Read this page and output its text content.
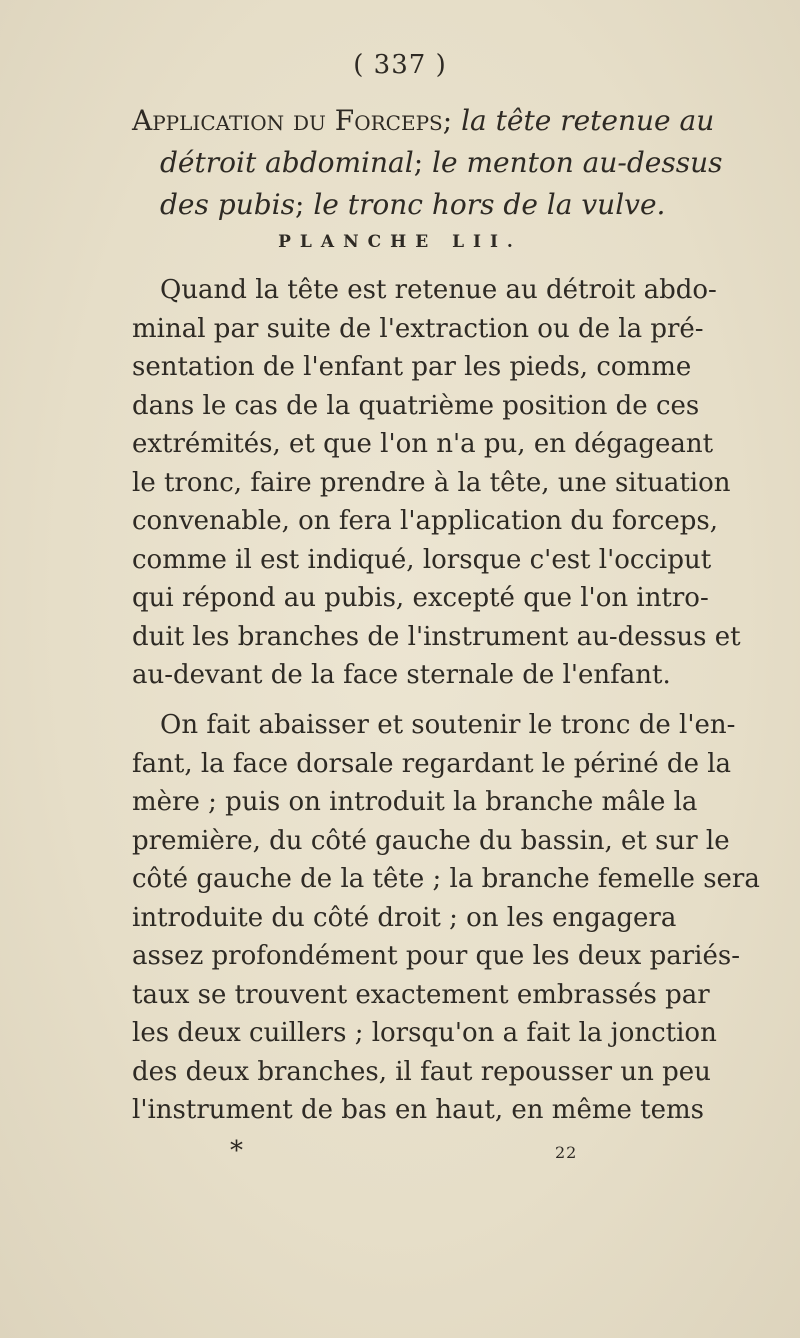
( 337 )
Application du Forceps; la tête retenue au
détroit abdominal; le menton au-dessus
des pubis; le tronc hors de la vulve.
PLANCHE LII.
Quand la tête est retenue au détroit abdo-
minal par suite de l'extraction ou de la pré-
sentation de l'enfant par les pieds, comme
dans le cas de la quatrième position de ces
extrémités, et que l'on n'a pu, en dégageant
le tronc, faire prendre à la tête, une situation
convenable, on fera l'application du forceps,
comme il est indiqué, lorsque c'est l'occiput
qui répond au pubis, excepté que l'on intro-
duit les branches de l'instrument au-dessus et
au-devant de la face sternale de l'enfant.
On fait abaisser et soutenir le tronc de l'en-
fant, la face dorsale regardant le périné de la
mère ; puis on introduit la branche mâle la
première, du côté gauche du bassin, et sur le
côté gauche de la tête ; la branche femelle sera
introduite du côté droit ; on les engagera
assez profondément pour que les deux pariés-
taux se trouvent exactement embrassés par
les deux cuillers ; lorsqu'on a fait la jonction
des deux branches, il faut repousser un peu
l'instrument de bas en haut, en même tems
*	22
